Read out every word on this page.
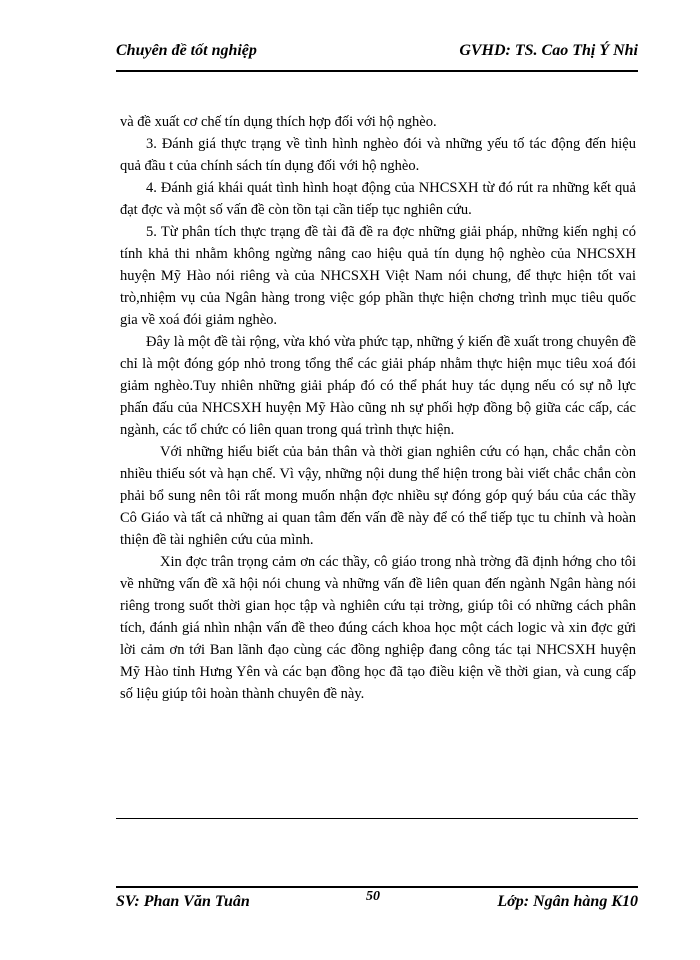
Chuyên đề tốt nghiệp	GVHD: TS. Cao Thị Ý Nhi

và đề xuất cơ chế tín dụng thích hợp đối với hộ nghèo.

3. Đánh giá thực trạng về tình hình nghèo đói và những yếu tố tác động đến hiệu quả đầu t của chính sách tín dụng đối với hộ nghèo.

4. Đánh giá khái quát tình hình hoạt động của NHCSXH từ đó rút ra những kết quả đạt đợc và một số vấn đề còn tồn tại cần tiếp tục nghiên cứu.

5. Từ phân tích thực trạng đề tài đã đề ra đợc những giải pháp, những kiến nghị có tính khả thi nhằm không ngừng nâng cao hiệu quả tín dụng hộ nghèo của NHCSXH huyện Mỹ Hào nói riêng và của NHCSXH Việt Nam nói chung, để thực hiện tốt vai trò,nhiệm vụ của Ngân hàng trong việc góp phần thực hiện chơng trình mục tiêu quốc gia về xoá đói giảm nghèo.

Đây là một đề tài rộng, vừa khó vừa phức tạp, những ý kiến đề xuất trong chuyên đề chỉ là một đóng góp nhỏ trong tổng thể các giải pháp nhằm thực hiện mục tiêu xoá đói giảm nghèo.Tuy nhiên những giải pháp đó có thể phát huy tác dụng nếu có sự nỗ lực phấn đấu của NHCSXH huyện Mỹ Hào cũng nh sự phối hợp đồng bộ giữa các cấp, các ngành, các tổ chức có liên quan trong quá trình thực hiện.

Với những hiểu biết của bản thân và thời gian nghiên cứu có hạn, chắc chắn còn nhiều thiếu sót và hạn chế. Vì vậy, những nội dung thể hiện trong bài viết chắc chắn còn phải bổ sung nên tôi rất mong muốn nhận đợc nhiều sự đóng góp quý báu của các thầy Cô Giáo và tất cả những ai quan tâm đến vấn đề này để có thể tiếp tục tu chỉnh và hoàn thiện đề tài nghiên cứu của mình.

Xin đợc trân trọng cảm ơn các thầy, cô giáo trong nhà trờng đã định hớng cho tôi về những vấn đề xã hội nói chung và những vấn đề liên quan đến ngành Ngân hàng nói riêng trong suốt thời gian học tập và nghiên cứu tại trờng, giúp tôi có những cách phân tích, đánh giá nhìn nhận vấn đề theo đúng cách khoa học một cách logic và xin đợc gửi lời cảm ơn tới Ban lãnh đạo cùng các đồng nghiệp đang công tác tại NHCSXH huyện Mỹ Hào tỉnh Hưng Yên và các bạn đồng học đã tạo điều kiện về thời gian, và cung cấp số liệu giúp tôi hoàn thành chuyên đề này.

SV: Phan Văn Tuân	50	Lớp: Ngân hàng K10
